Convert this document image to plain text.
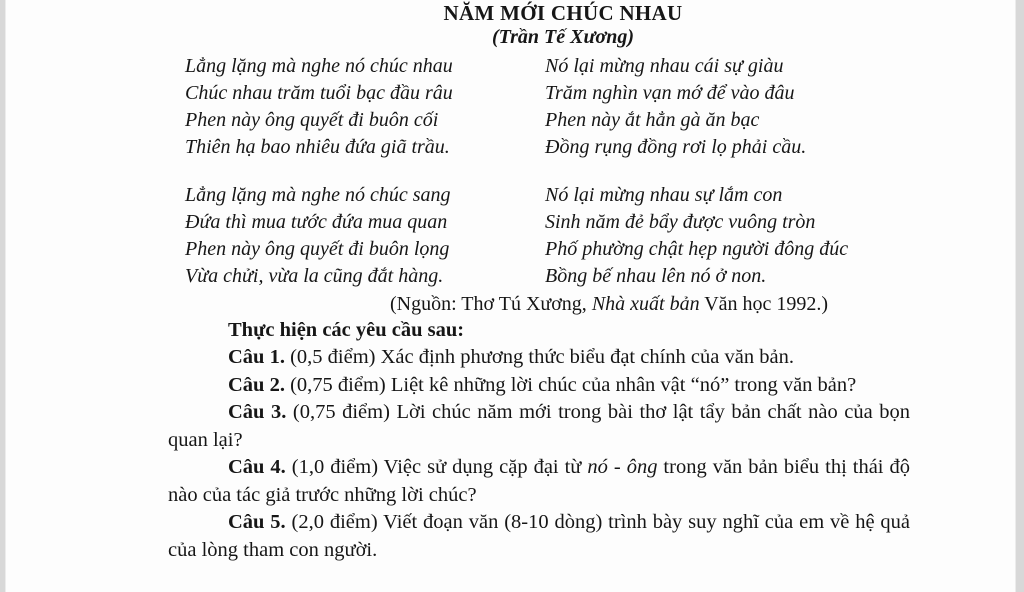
NĂM MỚI CHÚC NHAU
(Trần Tế Xương)
Lẳng lặng mà nghe nó chúc nhau
Chúc nhau trăm tuổi bạc đầu râu
Phen này ông quyết đi buôn cối
Thiên hạ bao nhiêu đứa giã trầu.
Nó lại mừng nhau cái sự giàu
Trăm nghìn vạn mớ để vào đâu
Phen này ắt hẳn gà ăn bạc
Đồng rụng đồng rơi lọ phải cầu.
Lẳng lặng mà nghe nó chúc sang
Đứa thì mua tước đứa mua quan
Phen này ông quyết đi buôn lọng
Vừa chửi, vừa la cũng đắt hàng.
Nó lại mừng nhau sự lắm con
Sinh năm đẻ bẩy được vuông tròn
Phố phường chật hẹp người đông đúc
Bồng bế nhau lên nó ở non.
(Nguồn: Thơ Tú Xương, Nhà xuất bản Văn học 1992.)
Thực hiện các yêu cầu sau:

Câu 1. (0,5 điểm) Xác định phương thức biểu đạt chính của văn bản.

Câu 2. (0,75 điểm) Liệt kê những lời chúc của nhân vật “nó” trong văn bản?

Câu 3. (0,75 điểm) Lời chúc năm mới trong bài thơ lật tẩy bản chất nào của bọn quan lại?

Câu 4. (1,0 điểm) Việc sử dụng cặp đại từ nó - ông trong văn bản biểu thị thái độ nào của tác giả trước những lời chúc?

Câu 5. (2,0 điểm) Viết đoạn văn (8-10 dòng) trình bày suy nghĩ của em về hệ quả của lòng tham con người.
